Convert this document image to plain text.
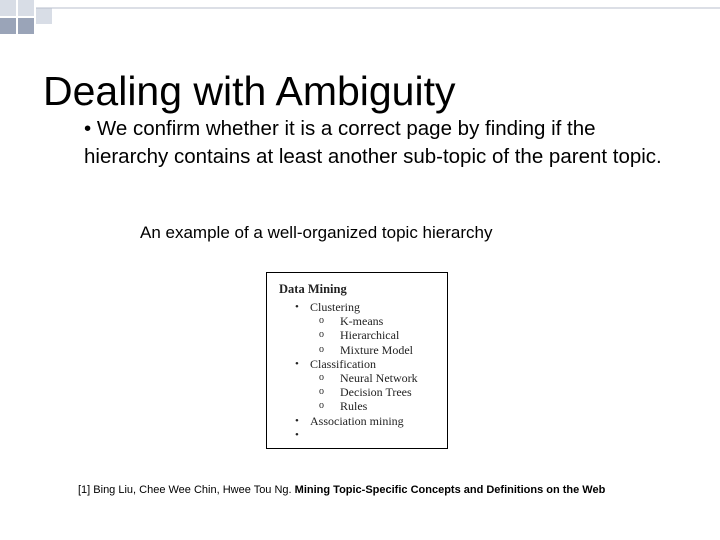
Dealing with Ambiguity

• We confirm whether it is a correct page by finding if the hierarchy contains at least another sub-topic of the parent topic.

An example of a well-organized topic hierarchy

Data Mining
• Clustering
o K-means
o Hierarchical
o Mixture Model
• Classification
o Neural Network
o Decision Trees
o Rules
• Association mining
•

[1] Bing Liu, Chee Wee Chin, Hwee Tou Ng. Mining Topic-Specific Concepts and Definitions on the Web
